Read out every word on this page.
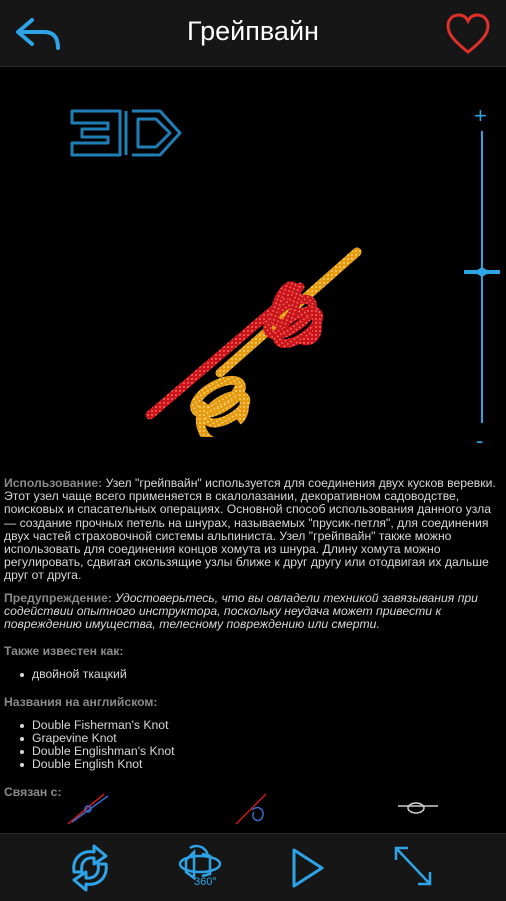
Грейпвайн
+
-

Использование: Узел "грейпвайн" используется для соединения двух кусков веревки. Этот узел чаще всего применяется в скалолазании, декоративном садоводстве, поисковых и спасательных операциях. Основной способ использования данного узла — создание прочных петель на шнурах, называемых "прусик-петля", для соединения двух частей страховочной системы альпиниста. Узел "грейпвайн" также можно использовать для соединения концов хомута из шнура. Длину хомута можно регулировать, сдвигая скользящие узлы ближе к друг другу или отодвигая их дальше друг от друга.

Предупреждение: Удостоверьтесь, что вы овладели техникой завязывания при содействии опытного инструктора, поскольку неудача может привести к повреждению имущества, телесному повреждению или смерти.

Также известен как:
двойной ткацкий
Названия на английском:
Double Fisherman's Knot
Grapevine Knot
Double Englishman's Knot
Double English Knot
Связан с:
360°
